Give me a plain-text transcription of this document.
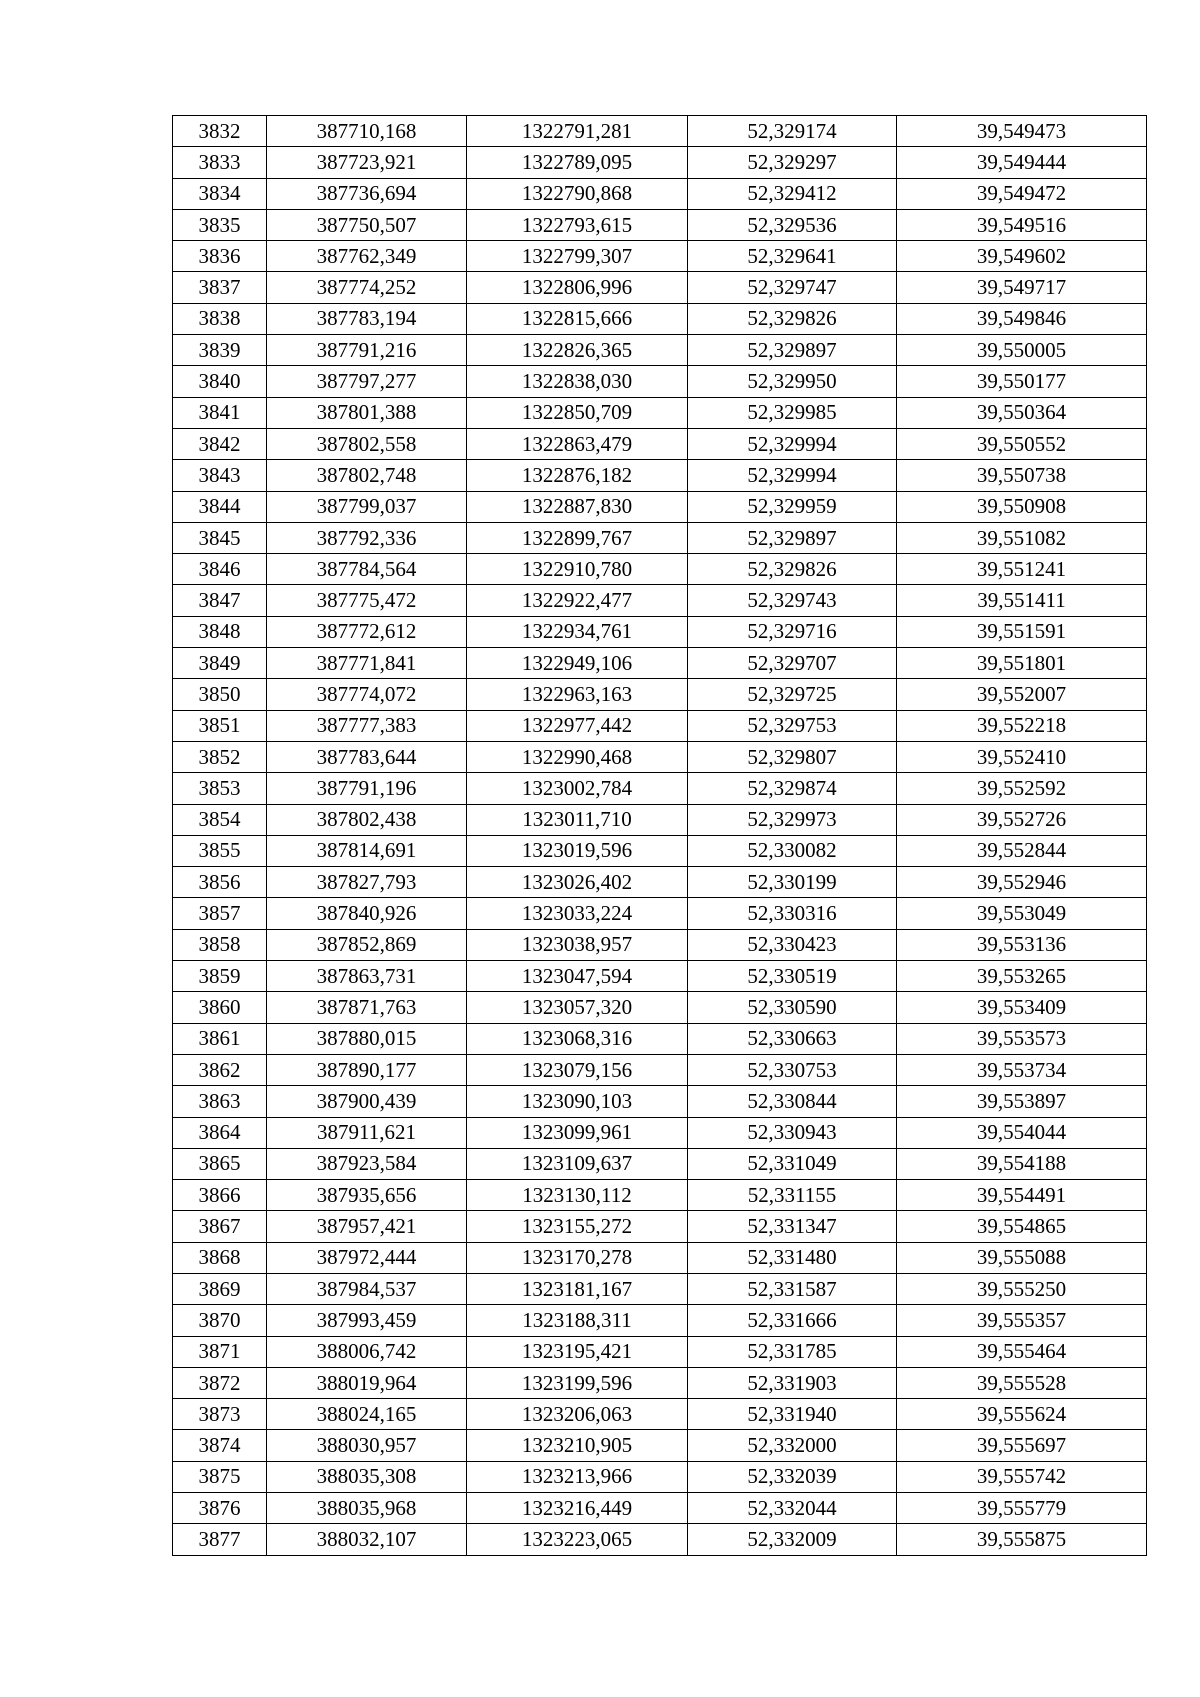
3832	387710,168	1322791,281	52,329174	39,549473
3833	387723,921	1322789,095	52,329297	39,549444
3834	387736,694	1322790,868	52,329412	39,549472
3835	387750,507	1322793,615	52,329536	39,549516
3836	387762,349	1322799,307	52,329641	39,549602
3837	387774,252	1322806,996	52,329747	39,549717
3838	387783,194	1322815,666	52,329826	39,549846
3839	387791,216	1322826,365	52,329897	39,550005
3840	387797,277	1322838,030	52,329950	39,550177
3841	387801,388	1322850,709	52,329985	39,550364
3842	387802,558	1322863,479	52,329994	39,550552
3843	387802,748	1322876,182	52,329994	39,550738
3844	387799,037	1322887,830	52,329959	39,550908
3845	387792,336	1322899,767	52,329897	39,551082
3846	387784,564	1322910,780	52,329826	39,551241
3847	387775,472	1322922,477	52,329743	39,551411
3848	387772,612	1322934,761	52,329716	39,551591
3849	387771,841	1322949,106	52,329707	39,551801
3850	387774,072	1322963,163	52,329725	39,552007
3851	387777,383	1322977,442	52,329753	39,552218
3852	387783,644	1322990,468	52,329807	39,552410
3853	387791,196	1323002,784	52,329874	39,552592
3854	387802,438	1323011,710	52,329973	39,552726
3855	387814,691	1323019,596	52,330082	39,552844
3856	387827,793	1323026,402	52,330199	39,552946
3857	387840,926	1323033,224	52,330316	39,553049
3858	387852,869	1323038,957	52,330423	39,553136
3859	387863,731	1323047,594	52,330519	39,553265
3860	387871,763	1323057,320	52,330590	39,553409
3861	387880,015	1323068,316	52,330663	39,553573
3862	387890,177	1323079,156	52,330753	39,553734
3863	387900,439	1323090,103	52,330844	39,553897
3864	387911,621	1323099,961	52,330943	39,554044
3865	387923,584	1323109,637	52,331049	39,554188
3866	387935,656	1323130,112	52,331155	39,554491
3867	387957,421	1323155,272	52,331347	39,554865
3868	387972,444	1323170,278	52,331480	39,555088
3869	387984,537	1323181,167	52,331587	39,555250
3870	387993,459	1323188,311	52,331666	39,555357
3871	388006,742	1323195,421	52,331785	39,555464
3872	388019,964	1323199,596	52,331903	39,555528
3873	388024,165	1323206,063	52,331940	39,555624
3874	388030,957	1323210,905	52,332000	39,555697
3875	388035,308	1323213,966	52,332039	39,555742
3876	388035,968	1323216,449	52,332044	39,555779
3877	388032,107	1323223,065	52,332009	39,555875
